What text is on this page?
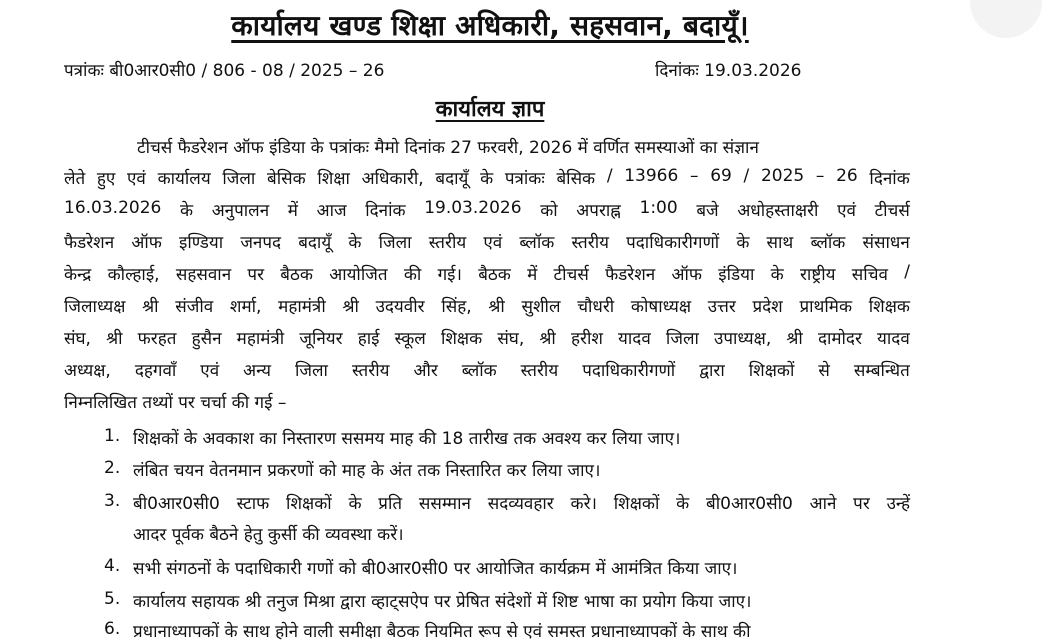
कार्यालय खण्ड शिक्षा अधिकारी, सहसवान, बदायूँ।
पत्रांकः बी0आर0सी0 / 806 - 08 / 2025 – 26	दिनांकः 19.03.2026
कार्यालय ज्ञाप
टीचर्स फैडरेशन ऑफ इंडिया के पत्रांकः मैमो दिनांक 27 फरवरी, 2026 में वर्णित समस्याओं का संज्ञान
लेते हुए एवं कार्यालय जिला बेसिक शिक्षा अधिकारी, बदायूँ के पत्रांकः बेसिक / 13966 – 69 / 2025 – 26 दिनांक
16.03.2026 के अनुपालन में आज दिनांक 19.03.2026 को अपराह्न 1:00 बजे अधोहस्ताक्षरी एवं टीचर्स
फैडरेशन ऑफ इण्डिया जनपद बदायूँ के जिला स्तरीय एवं ब्लॉक स्तरीय पदाधिकारीगणों के साथ ब्लॉक संसाधन
केन्द्र कौल्हाई, सहसवान पर बैठक आयोजित की गई। बैठक में टीचर्स फैडरेशन ऑफ इंडिया के राष्ट्रीय सचिव /
जिलाध्यक्ष श्री संजीव शर्मा, महामंत्री श्री उदयवीर सिंह, श्री सुशील चौधरी कोषाध्यक्ष उत्तर प्रदेश प्राथमिक शिक्षक
संघ, श्री फरहत हुसैन महामंत्री जूनियर हाई स्कूल शिक्षक संघ, श्री हरीश यादव जिला उपाध्यक्ष, श्री दामोदर यादव
अध्यक्ष, दहगवाँ एवं अन्य जिला स्तरीय और ब्लॉक स्तरीय पदाधिकारीगणों द्वारा शिक्षकों से सम्बन्धित
निम्नलिखित तथ्यों पर चर्चा की गई –
1. शिक्षकों के अवकाश का निस्तारण ससमय माह की 18 तारीख तक अवश्य कर लिया जाए।
2. लंबित चयन वेतनमान प्रकरणों को माह के अंत तक निस्तारित कर लिया जाए।
3. बी0आर0सी0 स्टाफ शिक्षकों के प्रति ससम्मान सदव्यवहार करे। शिक्षकों के बी0आर0सी0 आने पर उन्हें
आदर पूर्वक बैठने हेतु कुर्सी की व्यवस्था करें।
4. सभी संगठनों के पदाधिकारी गणों को बी0आर0सी0 पर आयोजित कार्यक्रम में आमंत्रित किया जाए।
5. कार्यालय सहायक श्री तनुज मिश्रा द्वारा व्हाट्सऐप पर प्रेषित संदेशों में शिष्ट भाषा का प्रयोग किया जाए।
6. प्रधानाध्यापकों के साथ होने वाली समीक्षा बैठक नियमित रूप से एवं समस्त प्रधानाध्यापकों के साथ की
